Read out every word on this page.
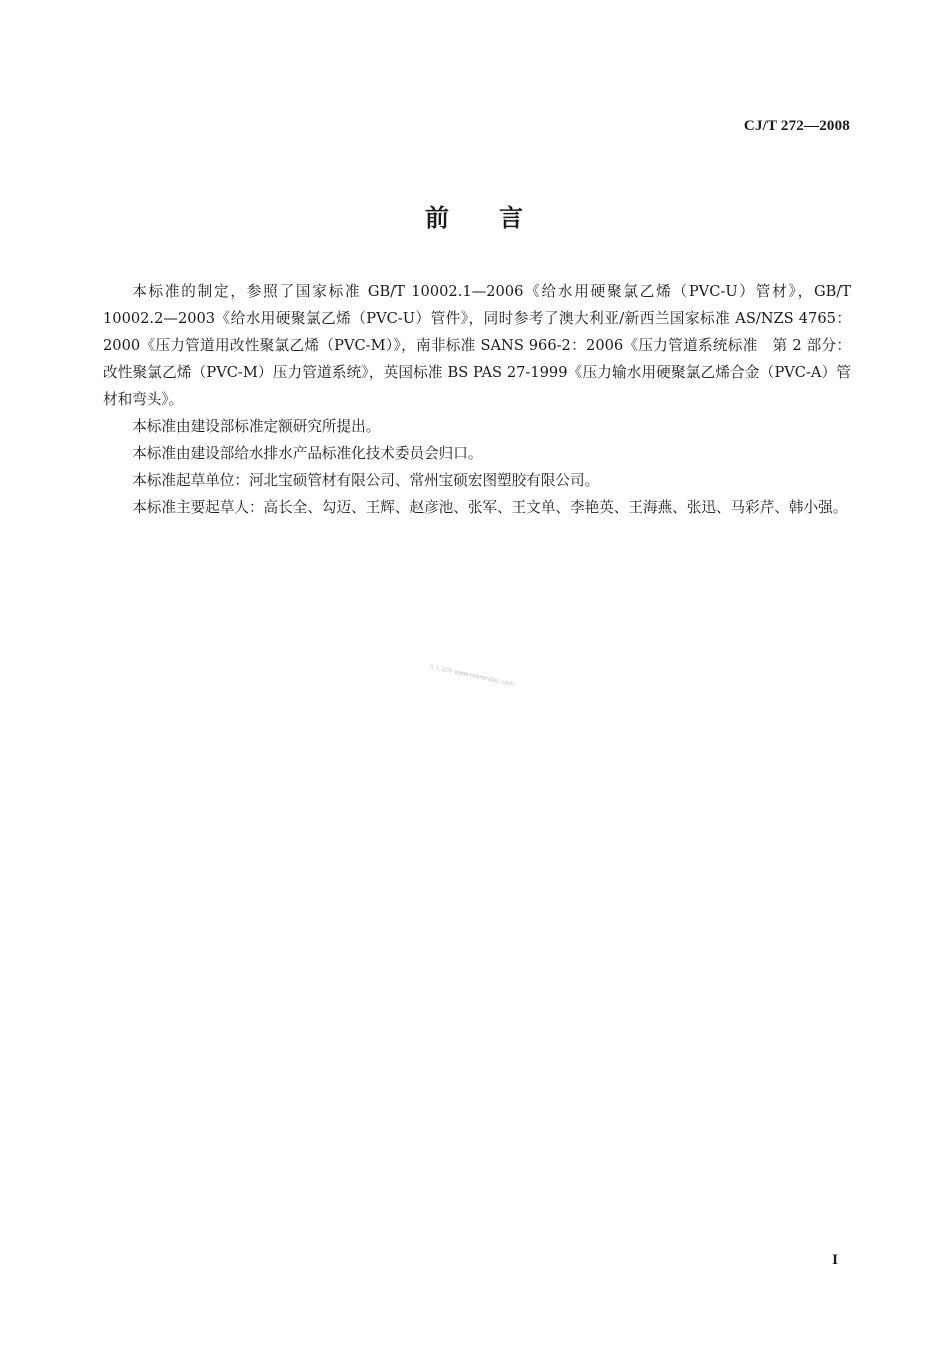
CJ/T 272—2008
前 言

本标准的制定，参照了国家标准 GB/T 10002.1—2006《给水用硬聚氯乙烯（PVC-U）管材》，GB/T 10002.2—2003《给水用硬聚氯乙烯（PVC-U）管件》，同时参考了澳大利亚/新西兰国家标准 AS/NZS 4765：2000《压力管道用改性聚氯乙烯（PVC-M）》，南非标准 SANS 966-2：2006《压力管道系统标准　第 2 部分：改性聚氯乙烯（PVC-M）压力管道系统》，英国标准 BS PAS 27-1999《压力输水用硬聚氯乙烯合金（PVC-A）管材和弯头》。

本标准由建设部标准定额研究所提出。

本标准由建设部给水排水产品标准化技术委员会归口。

本标准起草单位：河北宝硕管材有限公司、常州宝硕宏图塑胶有限公司。

本标准主要起草人：高长全、勾迈、王辉、赵彦池、张军、王文单、李艳英、王海燕、张迅、马彩芹、韩小强。

人人文库 www.renrendoc.com
I
